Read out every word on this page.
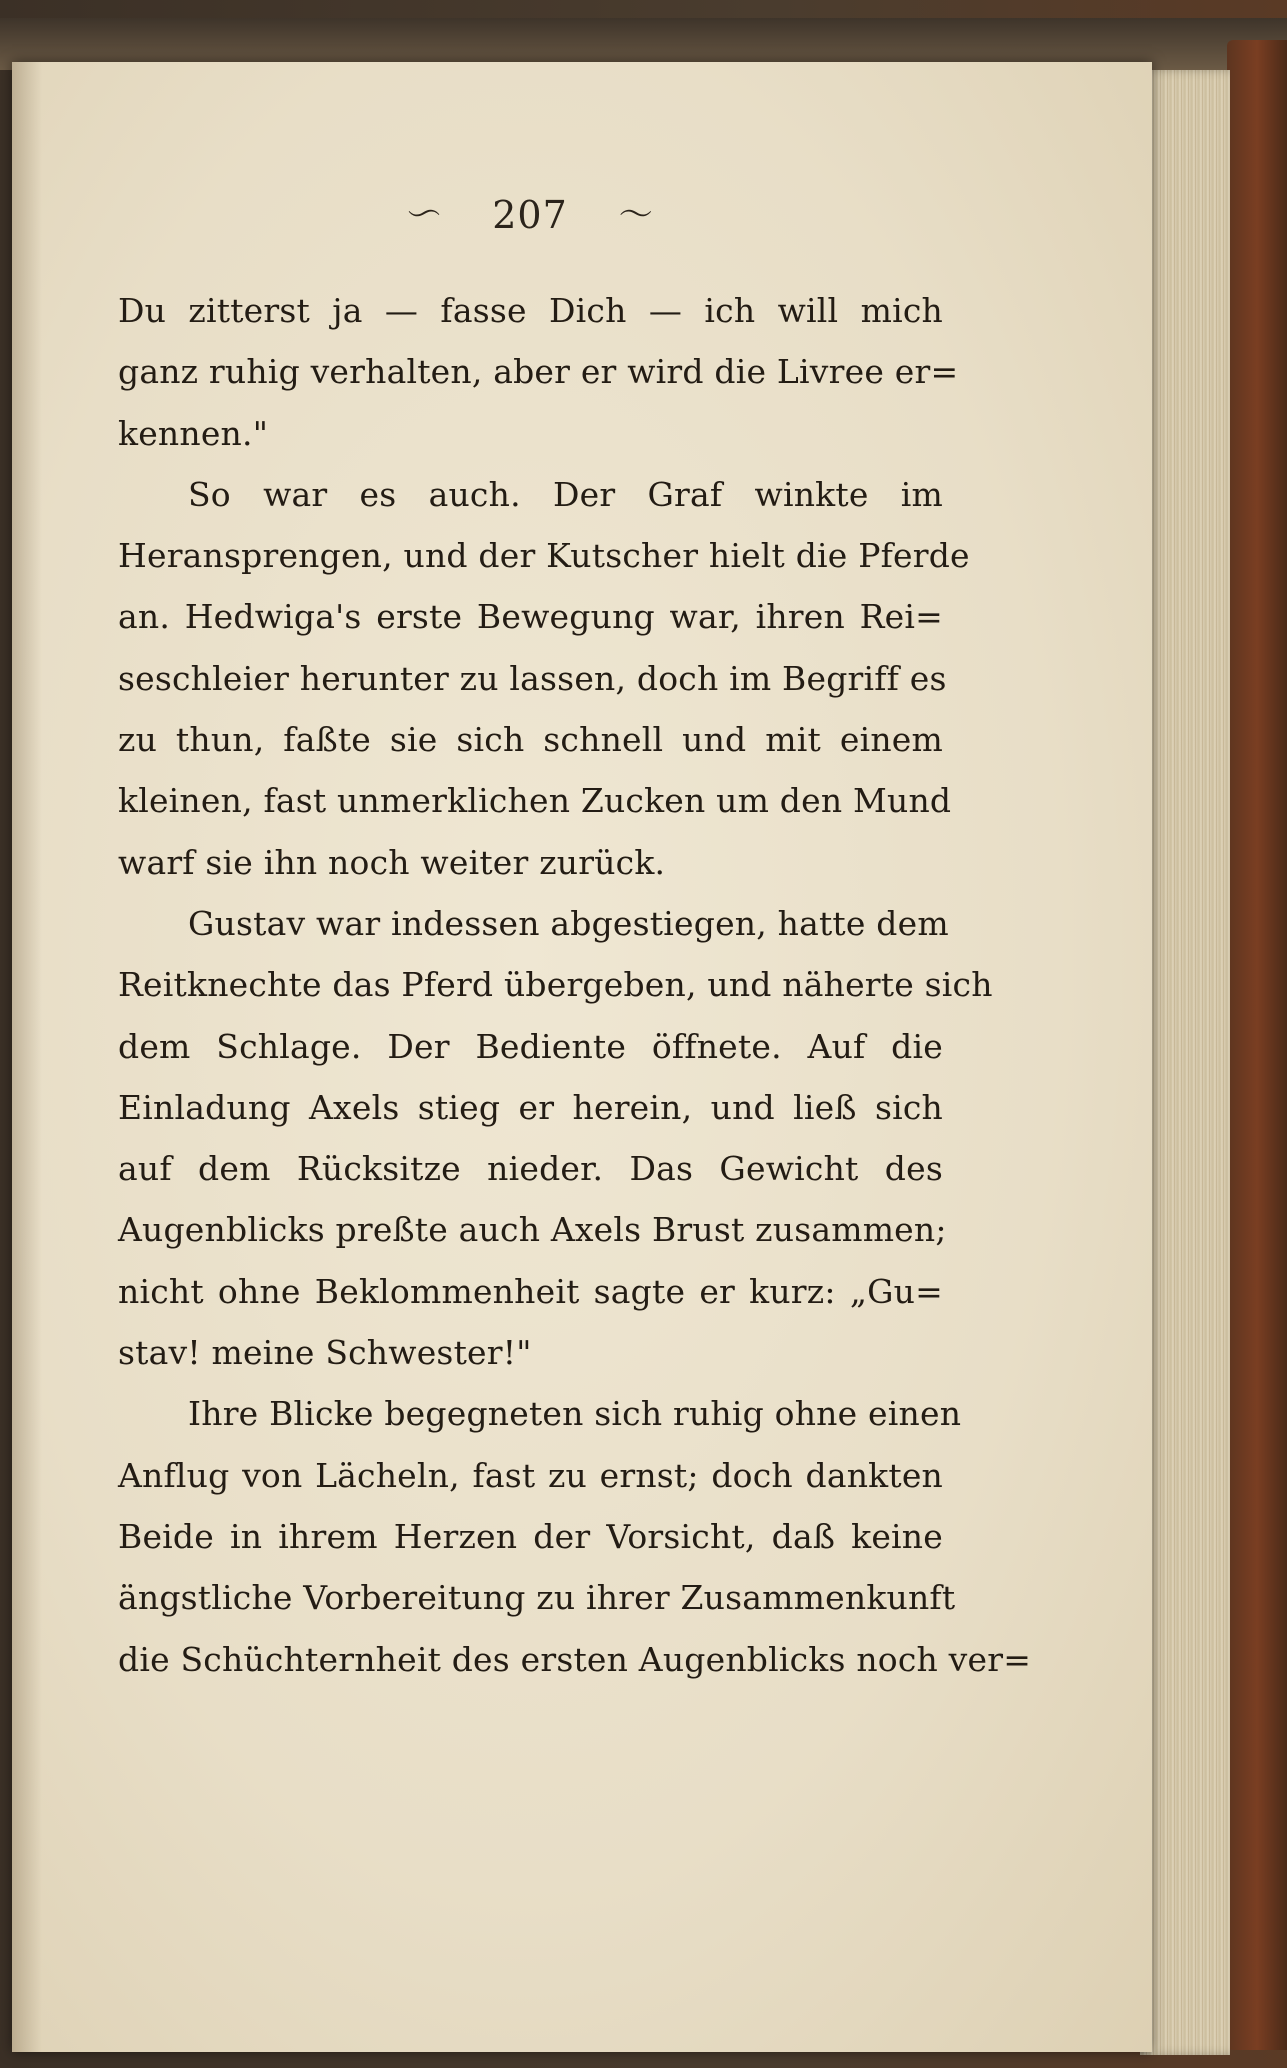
〜	207	〜
Du zitterst ja — fasse Dich — ich will mich
ganz ruhig verhalten, aber er wird die Livree er=
kennen."
So war es auch. Der Graf winkte im
Heransprengen, und der Kutscher hielt die Pferde
an. Hedwiga's erste Bewegung war, ihren Rei=
seschleier herunter zu lassen, doch im Begriff es
zu thun, faßte sie sich schnell und mit einem
kleinen, fast unmerklichen Zucken um den Mund
warf sie ihn noch weiter zurück.
Gustav war indessen abgestiegen, hatte dem
Reitknechte das Pferd übergeben, und näherte sich
dem Schlage. Der Bediente öffnete. Auf die
Einladung Axels stieg er herein, und ließ sich
auf dem Rücksitze nieder. Das Gewicht des
Augenblicks preßte auch Axels Brust zusammen;
nicht ohne Beklommenheit sagte er kurz: „Gu=
stav! meine Schwester!"
Ihre Blicke begegneten sich ruhig ohne einen
Anflug von Lächeln, fast zu ernst; doch dankten
Beide in ihrem Herzen der Vorsicht, daß keine
ängstliche Vorbereitung zu ihrer Zusammenkunft
die Schüchternheit des ersten Augenblicks noch ver=
